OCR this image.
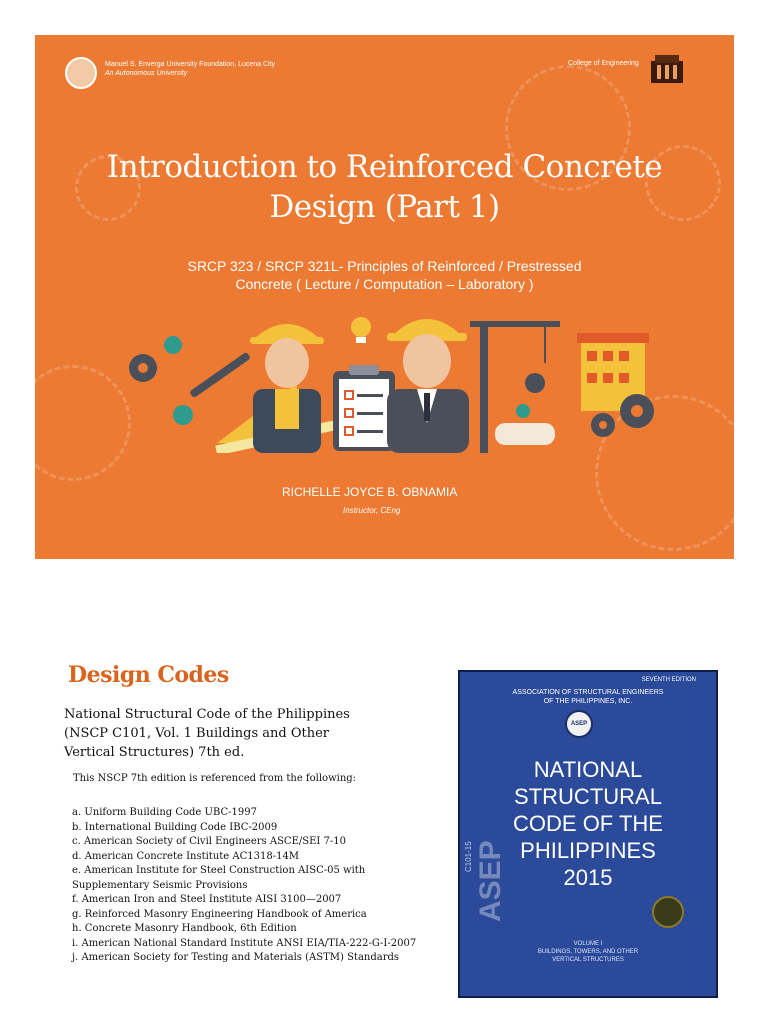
Manuel S. Enverga University Foundation, Lucena City
An Autonomous University
College of Engineering
Introduction to Reinforced Concrete
Design (Part 1)
SRCP 323 / SRCP 321L- Principles of Reinforced / Prestressed
Concrete ( Lecture / Computation – Laboratory )
RICHELLE JOYCE B. OBNAMIA
Instructor, CEng
Design Codes
National Structural Code of the Philippines
(NSCP C101, Vol. 1 Buildings and Other
Vertical Structures) 7th ed.
This NSCP 7th edition is referenced from the following:
a. Uniform Building Code UBC-1997
b. International Building Code IBC-2009
c. American Society of Civil Engineers ASCE/SEI 7-10
d. American Concrete Institute AC1318-14M
e. American Institute for Steel Construction AISC-05 with Supplementary Seismic Provisions
f. American Iron and Steel Institute AISI 3100—2007
g. Reinforced Masonry Engineering Handbook of America
h. Concrete Masonry Handbook, 6th Edition
i. American National Standard Institute ANSI EIA/TIA-222-G-I-2007
j. American Society for Testing and Materials (ASTM) Standards
ASEP
C101-15
SEVENTH EDITION
ASSOCIATION OF STRUCTURAL ENGINEERS
OF THE PHILIPPINES, INC.
ASEP
NATIONAL
STRUCTURAL
CODE OF THE
PHILIPPINES
2015
VOLUME I
BUILDINGS, TOWERS, AND OTHER
VERTICAL STRUCTURES
